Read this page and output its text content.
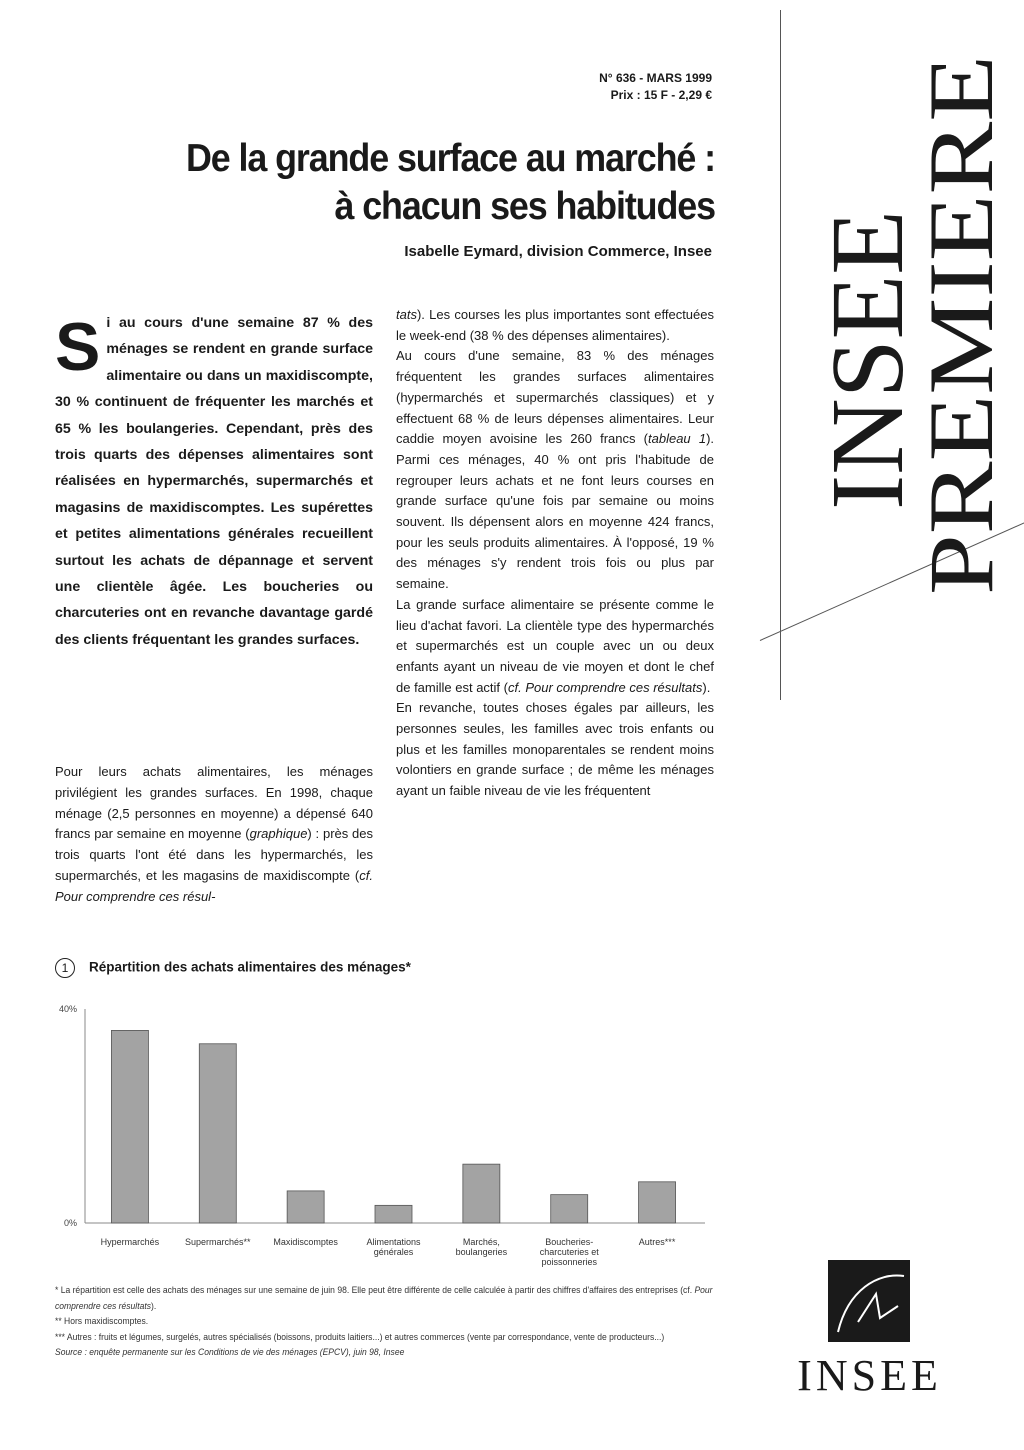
N° 636 - MARS 1999
Prix : 15 F - 2,29 €
De la grande surface au marché :
à chacun ses habitudes
Isabelle Eymard, division Commerce, Insee INSEE
PREMIERE
Si au cours d'une semaine 87 % des ménages se rendent en grande surface alimentaire ou dans un maxidiscompte, 30 % continuent de fréquenter les marchés et 65 % les boulangeries. Cependant, près des trois quarts des dépenses alimentaires sont réalisées en hypermarchés, supermarchés et magasins de maxidiscomptes. Les supérettes et petites alimentations générales recueillent surtout les achats de dépannage et servent une clientèle âgée. Les boucheries ou charcuteries ont en revanche davantage gardé des clients fréquentant les grandes surfaces.

Pour leurs achats alimentaires, les ménages privilégient les grandes surfaces. En 1998, chaque ménage (2,5 personnes en moyenne) a dépensé 640 francs par semaine en moyenne (graphique) : près des trois quarts l'ont été dans les hypermarchés, les supermarchés, et les magasins de maxidiscompte (cf. Pour comprendre ces résul-

tats). Les courses les plus importantes sont effectuées le week-end (38 % des dépenses alimentaires).

Au cours d'une semaine, 83 % des ménages fréquentent les grandes surfaces alimentaires (hypermarchés et supermarchés classiques) et y effectuent 68 % de leurs dépenses alimentaires. Leur caddie moyen avoisine les 260 francs (tableau 1). Parmi ces ménages, 40 % ont pris l'habitude de regrouper leurs achats et ne font leurs courses en grande surface qu'une fois par semaine ou moins souvent. Ils dépensent alors en moyenne 424 francs, pour les seuls produits alimentaires. À l'opposé, 19 % des ménages s'y rendent trois fois ou plus par semaine.

La grande surface alimentaire se présente comme le lieu d'achat favori. La clientèle type des hypermarchés et supermarchés est un couple avec un ou deux enfants ayant un niveau de vie moyen et dont le chef de famille est actif (cf. Pour comprendre ces résultats).

En revanche, toutes choses égales par ailleurs, les personnes seules, les familles avec trois enfants ou plus et les familles monoparentales se rendent moins volontiers en grande surface ; de même les ménages ayant un faible niveau de vie les fréquentent

1 Répartition des achats alimentaires des ménages*
40%
0%
Hypermarchés	Supermarchés**	Maxidiscomptes	Alimentations
générales
Marchés,
boulangeries
Boucheries-
charcuteries et
poissonneries
Autres***

* La répartition est celle des achats des ménages sur une semaine de juin 98. Elle peut être différente de celle calculée à partir des chiffres d'affaires des entreprises (cf. Pour comprendre ces résultats).

** Hors maxidiscomptes.

*** Autres : fruits et légumes, surgelés, autres spécialisés (boissons, produits laitiers...) et autres commerces (vente par correspondance, vente de producteurs...)

Source : enquête permanente sur les Conditions de vie des ménages (EPCV), juin 98, Insee	INSEE
